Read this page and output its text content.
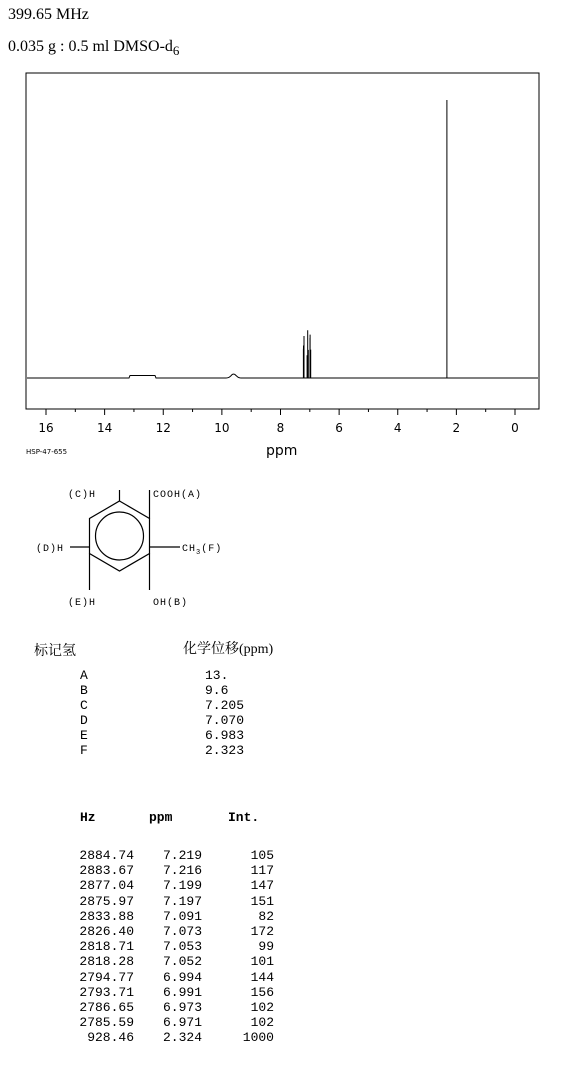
399.65 MHz
0.035 g : 0.5 ml DMSO-$d_6$
16	14	12	10	8	6	4	2	0
ppm
HSP-47-655
(C)H	COOH(A)
(D)H	$CH_3(F)$
(E)H	OH(B)
标记氢	化学位移(ppm)
A	13.
B	9.6
C	7.205
D	7.070
E	6.983
F	2.323
Hz	ppm	Int.
2884.74	7.219	105
2883.67	7.216	117
2877.04	7.199	147
2875.97	7.197	151
2833.88	7.091	82
2826.40	7.073	172
2818.71	7.053	99
2818.28	7.052	101
2794.77	6.994	144
2793.71	6.991	156
2786.65	6.973	102
2785.59	6.971	102
928.46	2.324	1000
